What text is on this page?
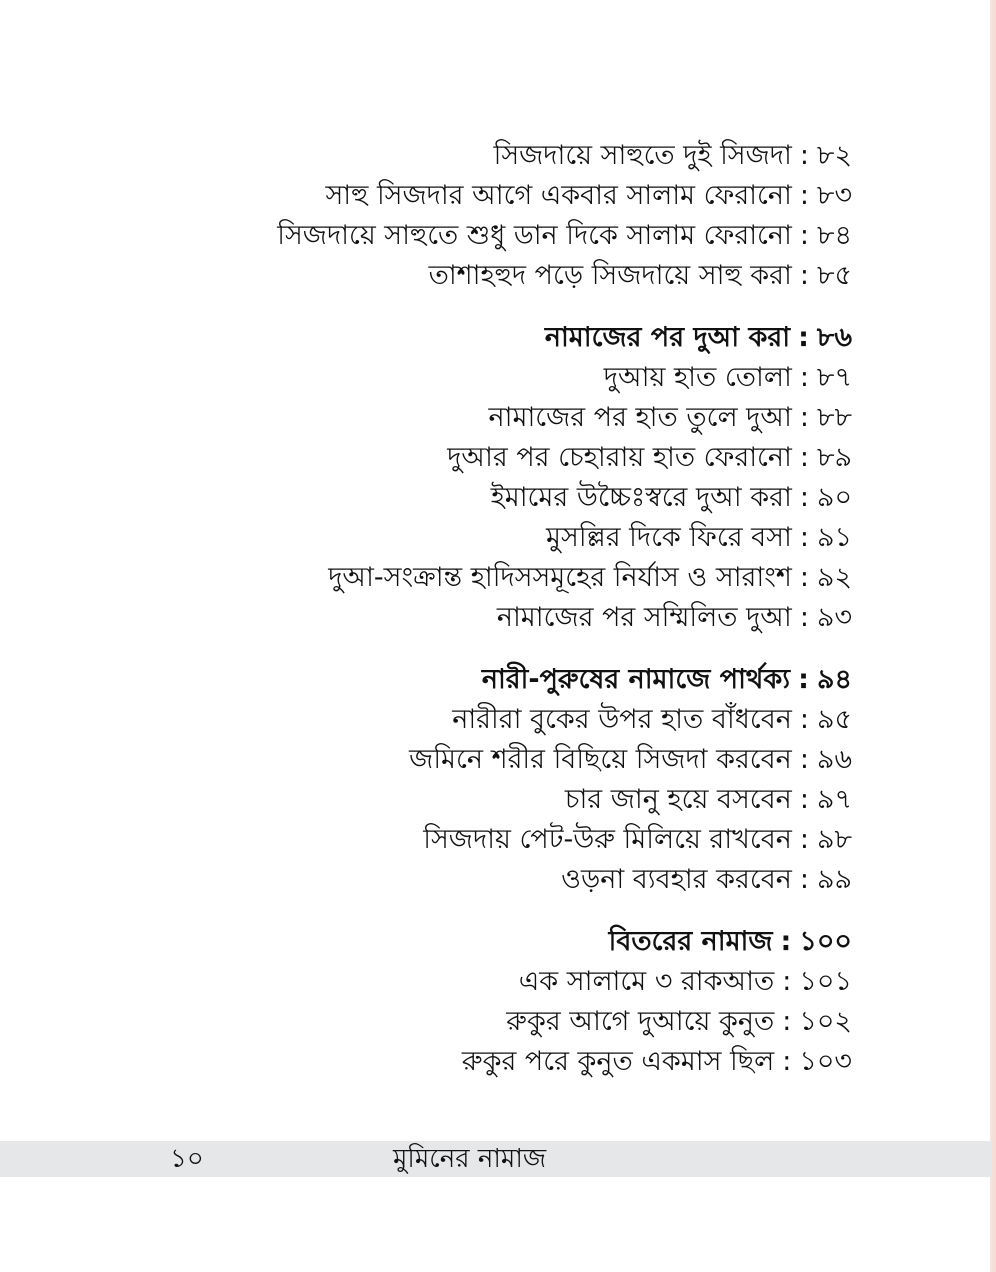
সিজদায়ে সাহুতে দুই সিজদা : ৮২
সাহু সিজদার আগে একবার সালাম ফেরানো : ৮৩
সিজদায়ে সাহুতে শুধু ডান দিকে সালাম ফেরানো : ৮৪
তাশাহহুদ পড়ে সিজদায়ে সাহু করা : ৮৫
নামাজের পর দুআ করা : ৮৬
দুআয় হাত তোলা : ৮৭
নামাজের পর হাত তুলে দুআ : ৮৮
দুআর পর চেহারায় হাত ফেরানো : ৮৯
ইমামের উচ্চৈঃস্বরে দুআ করা : ৯০
মুসল্লির দিকে ফিরে বসা : ৯১
দুআ-সংক্রান্ত হাদিসসমূহের নির্যাস ও সারাংশ : ৯২
নামাজের পর সম্মিলিত দুআ : ৯৩
নারী-পুরুষের নামাজে পার্থক্য : ৯৪
নারীরা বুকের উপর হাত বাঁধবেন : ৯৫
জমিনে শরীর বিছিয়ে সিজদা করবেন : ৯৬
চার জানু হয়ে বসবেন : ৯৭
সিজদায় পেট-উরু মিলিয়ে রাখবেন : ৯৮
ওড়না ব্যবহার করবেন : ৯৯
বিতরের নামাজ : ১০০
এক সালামে ৩ রাকআত : ১০১
রুকুর আগে দুআয়ে কুনুত : ১০২
রুকুর পরে কুনুত একমাস ছিল : ১০৩
১০	মুমিনের নামাজ
